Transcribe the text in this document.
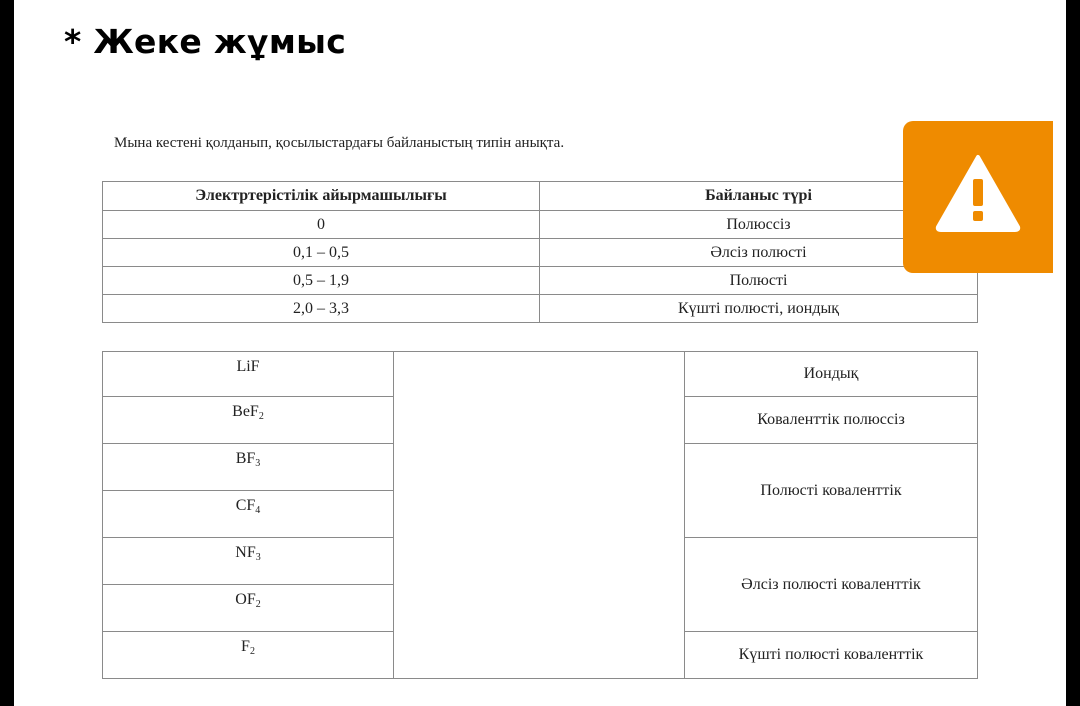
* Жеке жұмыс

Мына кестені қолданып, қосылыстардағы байланыстың типін анықта.

Электртерістілік айырмашылығы	Байланыс түрі
0	Полюссіз
0,1 – 0,5	Әлсіз полюсті
0,5 – 1,9	Полюсті
2,0 – 3,3	Күшті полюсті, иондық
LiF		Иондық
BeF$_2$		Коваленттік полюссіз
$BF_3$		Полюсті коваленттік
$CF_4$
$NF_3$		Әлсіз полюсті коваленттік
$OF_2$
$F_2$		Күшті полюсті коваленттік
